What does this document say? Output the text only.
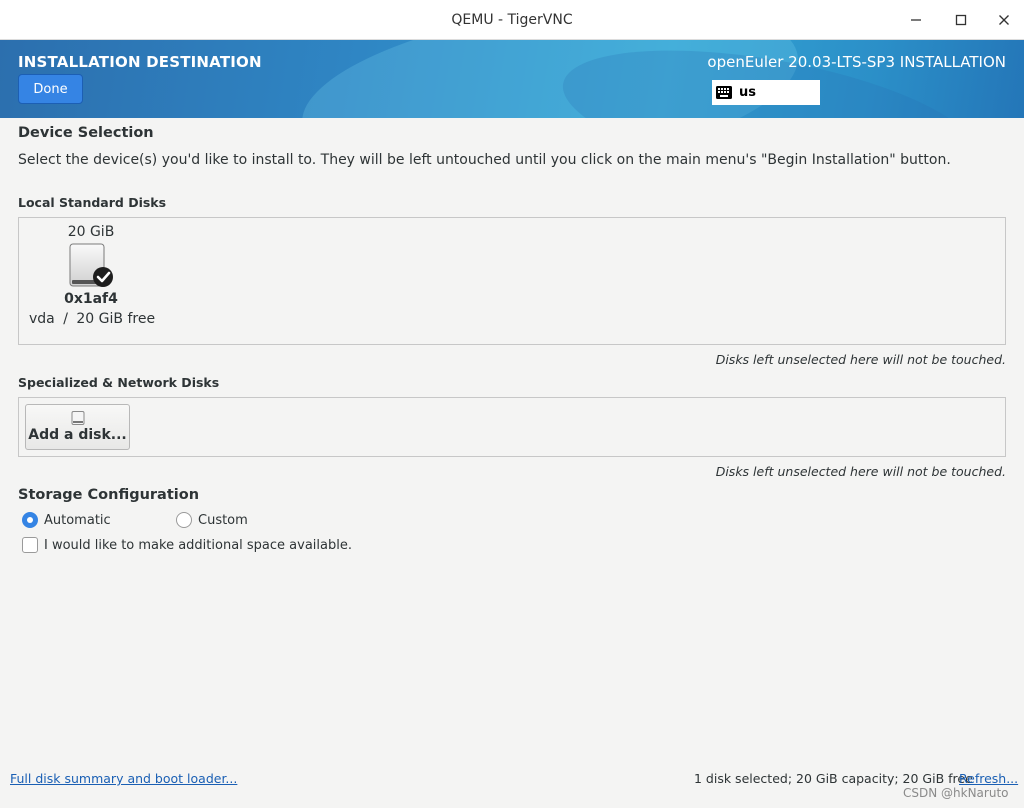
QEMU - TigerVNC
INSTALLATION DESTINATION
Done
openEuler 20.03-LTS-SP3 INSTALLATION
us
Device Selection
Select the device(s) you'd like to install to. They will be left untouched until you click on the main menu's "Begin Installation" button.
Local Standard Disks
20 GiB
0x1af4
vda / 20 GiB free
Disks left unselected here will not be touched.
Specialized & Network Disks
Add a disk...
Disks left unselected here will not be touched.
Storage Configuration
Automatic	Custom
I would like to make additional space available.
Full disk summary and boot loader...	1 disk selected; 20 GiB capacity; 20 GiB free
Refresh...
CSDN @hkNaruto
